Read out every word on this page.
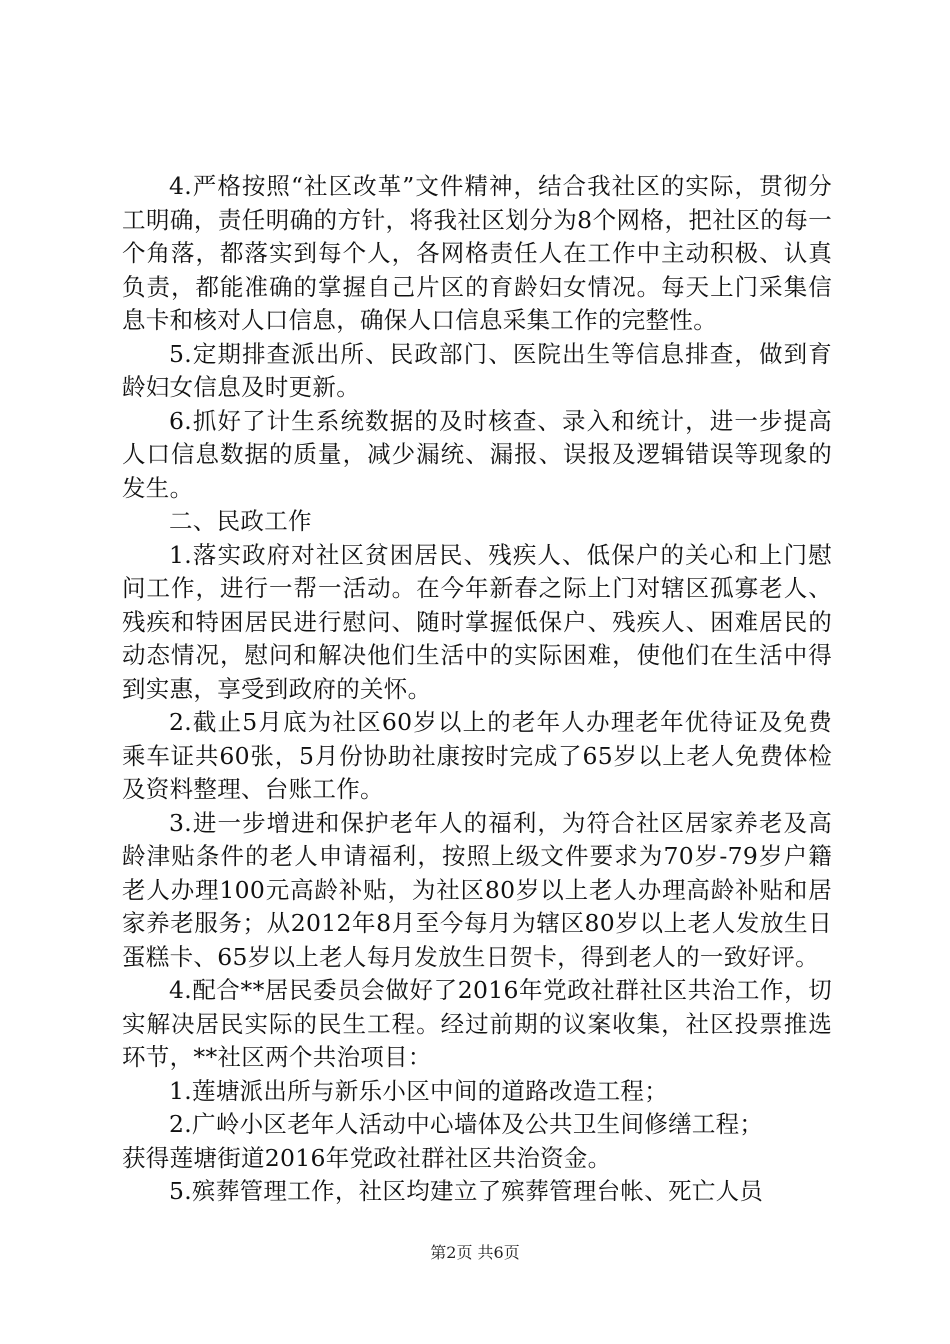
4.严格按照“社区改革”文件精神，结合我社区的实际，贯彻分工明确，责任明确的方针，将我社区划分为8个网格，把社区的每一个角落，都落实到每个人，各网格责任人在工作中主动积极、认真负责，都能准确的掌握自己片区的育龄妇女情况。每天上门采集信息卡和核对人口信息，确保人口信息采集工作的完整性。

5.定期排查派出所、民政部门、医院出生等信息排查，做到育龄妇女信息及时更新。

6.抓好了计生系统数据的及时核查、录入和统计，进一步提高人口信息数据的质量，减少漏统、漏报、误报及逻辑错误等现象的发生。

二、民政工作

1.落实政府对社区贫困居民、残疾人、低保户的关心和上门慰问工作，进行一帮一活动。在今年新春之际上门对辖区孤寡老人、残疾和特困居民进行慰问、随时掌握低保户、残疾人、困难居民的动态情况，慰问和解决他们生活中的实际困难，使他们在生活中得到实惠，享受到政府的关怀。

2.截止5月底为社区60岁以上的老年人办理老年优待证及免费乘车证共60张，5月份协助社康按时完成了65岁以上老人免费体检及资料整理、台账工作。

3.进一步增进和保护老年人的福利，为符合社区居家养老及高龄津贴条件的老人申请福利，按照上级文件要求为70岁-79岁户籍老人办理100元高龄补贴，为社区80岁以上老人办理高龄补贴和居家养老服务；从2012年8月至今每月为辖区80岁以上老人发放生日蛋糕卡、65岁以上老人每月发放生日贺卡，得到老人的一致好评。

4.配合**居民委员会做好了2016年党政社群社区共治工作，切实解决居民实际的民生工程。经过前期的议案收集，社区投票推选环节，**社区两个共治项目：

1.莲塘派出所与新乐小区中间的道路改造工程；

2.广岭小区老年人活动中心墙体及公共卫生间修缮工程；

获得莲塘街道2016年党政社群社区共治资金。

5.殡葬管理工作，社区均建立了殡葬管理台帐、死亡人员

第2页 共6页
